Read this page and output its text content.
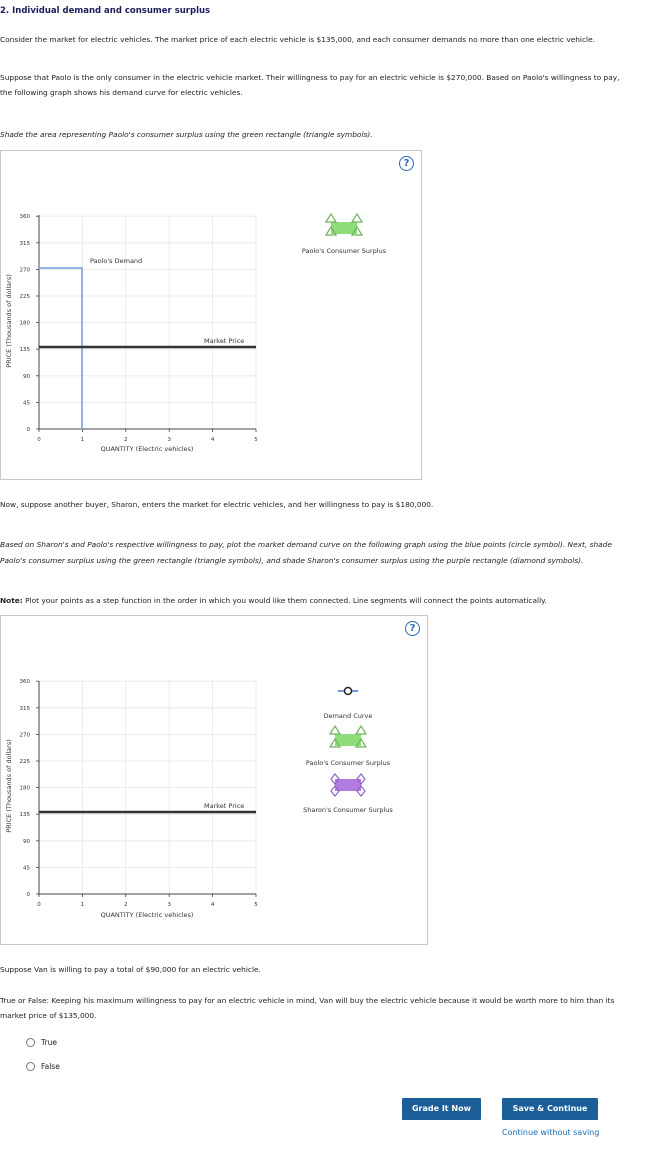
2. Individual demand and consumer surplus
Consider the market for electric vehicles. The market price of each electric vehicle is $135,000, and each consumer demands no more than one electric vehicle.
Suppose that Paolo is the only consumer in the electric vehicle market. Their willingness to pay for an electric vehicle is $270,000. Based on Paolo's willingness to pay, the following graph shows his demand curve for electric vehicles.
Shade the area representing Paolo's consumer surplus using the green rectangle (triangle symbols).
?
0
45
90
135
180
225
270
315
360
0	1	2	3	4	5
PRICE (Thousands of dollars)
QUANTITY (Electric vehicles)
Paolo's Demand
Market Price
Paolo's Consumer Surplus
Now, suppose another buyer, Sharon, enters the market for electric vehicles, and her willingness to pay is $180,000.
Based on Sharon's and Paolo's respective willingness to pay, plot the market demand curve on the following graph using the blue points (circle symbol). Next, shade Paolo's consumer surplus using the green rectangle (triangle symbols), and shade Sharon's consumer surplus using the purple rectangle (diamond symbols).
Note: Plot your points as a step function in the order in which you would like them connected. Line segments will connect the points automatically.
?
0
45
90
135
180
225
270
315
360
0	1	2	3	4	5
PRICE (Thousands of dollars)
QUANTITY (Electric vehicles)
Market Price
Demand Curve
Paolo's Consumer Surplus
Sharon's Consumer Surplus
Suppose Van is willing to pay a total of $90,000 for an electric vehicle.
True or False: Keeping his maximum willingness to pay for an electric vehicle in mind, Van will buy the electric vehicle because it would be worth more to him than its market price of $135,000.
True
False
Grade It Now	Save & Continue
Continue without saving
